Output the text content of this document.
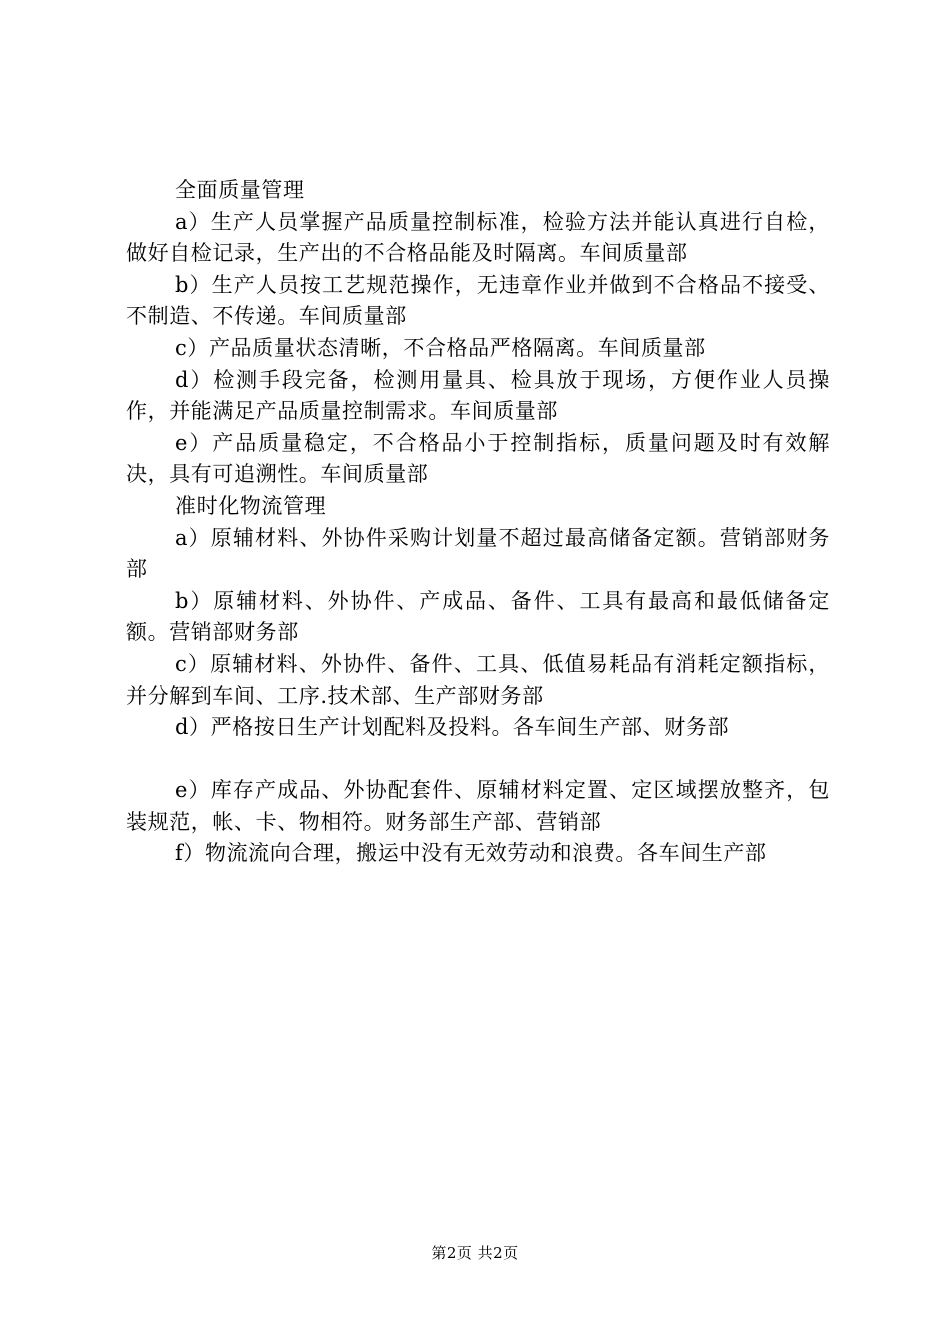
全面质量管理

a）生产人员掌握产品质量控制标准，检验方法并能认真进行自检，做好自检记录，生产出的不合格品能及时隔离。车间质量部

b）生产人员按工艺规范操作，无违章作业并做到不合格品不接受、不制造、不传递。车间质量部

c）产品质量状态清晰，不合格品严格隔离。车间质量部

d）检测手段完备，检测用量具、检具放于现场，方便作业人员操作，并能满足产品质量控制需求。车间质量部

e）产品质量稳定，不合格品小于控制指标，质量问题及时有效解决，具有可追溯性。车间质量部

准时化物流管理

a）原辅材料、外协件采购计划量不超过最高储备定额。营销部财务部

b）原辅材料、外协件、产成品、备件、工具有最高和最低储备定额。营销部财务部

c）原辅材料、外协件、备件、工具、低值易耗品有消耗定额指标，并分解到车间、工序.技术部、生产部财务部

d）严格按日生产计划配料及投料。各车间生产部、财务部

e）库存产成品、外协配套件、原辅材料定置、定区域摆放整齐，包装规范，帐、卡、物相符。财务部生产部、营销部

f）物流流向合理，搬运中没有无效劳动和浪费。各车间生产部

第2页 共2页
